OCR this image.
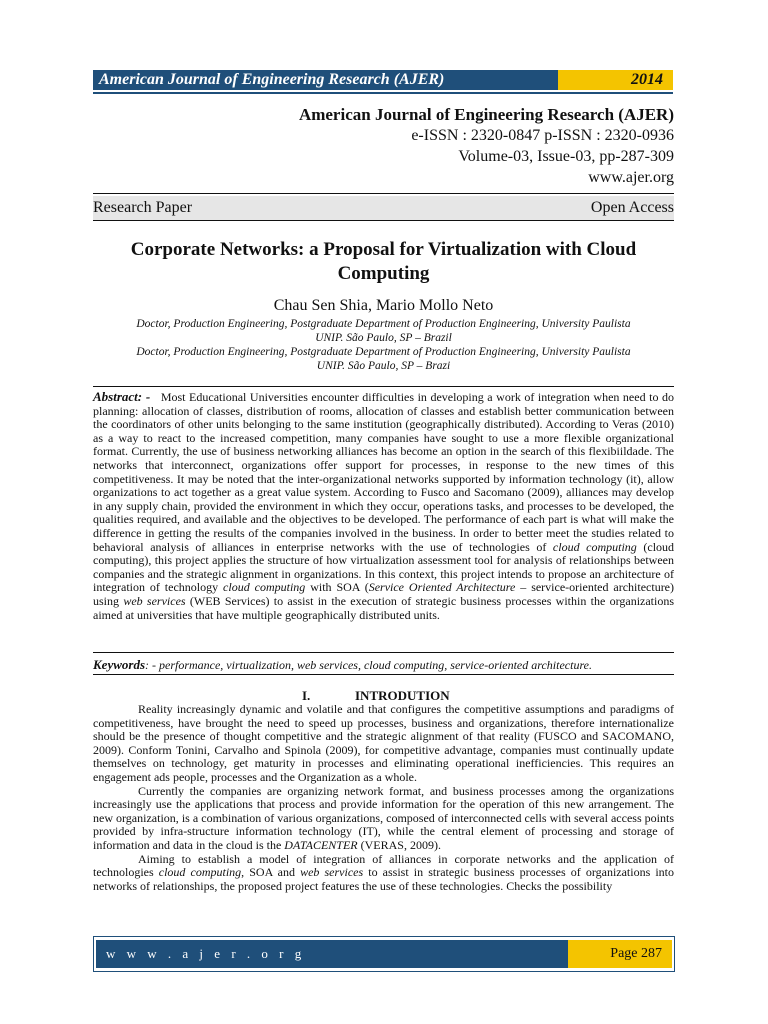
American Journal of Engineering Research (AJER)	2014
American Journal of Engineering Research (AJER)
e-ISSN : 2320-0847 p-ISSN : 2320-0936
Volume-03, Issue-03, pp-287-309
www.ajer.org
Research Paper	Open Access
Corporate Networks: a Proposal for Virtualization with Cloud Computing
Chau Sen Shia, Mario Mollo Neto
Doctor, Production Engineering, Postgraduate Department of Production Engineering, University Paulista
UNIP. São Paulo, SP – Brazil
Doctor, Production Engineering, Postgraduate Department of Production Engineering, University Paulista
UNIP. São Paulo, SP – Brazi
Abstract: - Most Educational Universities encounter difficulties in developing a work of integration when need to do planning: allocation of classes, distribution of rooms, allocation of classes and establish better communication between the coordinators of other units belonging to the same institution (geographically distributed). According to Veras (2010) as a way to react to the increased competition, many companies have sought to use a more flexible organizational format. Currently, the use of business networking alliances has become an option in the search of this flexibiildade. The networks that interconnect, organizations offer support for processes, in response to the new times of this competitiveness. It may be noted that the inter-organizational networks supported by information technology (it), allow organizations to act together as a great value system. According to Fusco and Sacomano (2009), alliances may develop in any supply chain, provided the environment in which they occur, operations tasks, and processes to be developed, the qualities required, and available and the objectives to be developed. The performance of each part is what will make the difference in getting the results of the companies involved in the business. In order to better meet the studies related to behavioral analysis of alliances in enterprise networks with the use of technologies of cloud computing (cloud computing), this project applies the structure of how virtualization assessment tool for analysis of relationships between companies and the strategic alignment in organizations. In this context, this project intends to propose an architecture of integration of technology cloud computing with SOA (Service Oriented Architecture – service-oriented architecture) using web services (WEB Services) to assist in the execution of strategic business processes within the organizations aimed at universities that have multiple geographically distributed units.
Keywords: - performance, virtualization, web services, cloud computing, service-oriented architecture.
I.	INTRODUTION

Reality increasingly dynamic and volatile and that configures the competitive assumptions and paradigms of competitiveness, have brought the need to speed up processes, business and organizations, therefore internationalize should be the presence of thought competitive and the strategic alignment of that reality (FUSCO and SACOMANO, 2009). Conform Tonini, Carvalho and Spinola (2009), for competitive advantage, companies must continually update themselves on technology, get maturity in processes and eliminating operational inefficiencies. This requires an engagement ads people, processes and the Organization as a whole.

Currently the companies are organizing network format, and business processes among the organizations increasingly use the applications that process and provide information for the operation of this new arrangement. The new organization, is a combination of various organizations, composed of interconnected cells with several access points provided by infra-structure information technology (IT), while the central element of processing and storage of information and data in the cloud is the DATACENTER (VERAS, 2009).

Aiming to establish a model of integration of alliances in corporate networks and the application of technologies cloud computing, SOA and web services to assist in strategic business processes of organizations into networks of relationships, the proposed project features the use of these technologies. Checks the possibility

w w w . a j e r . o r g	Page 287
